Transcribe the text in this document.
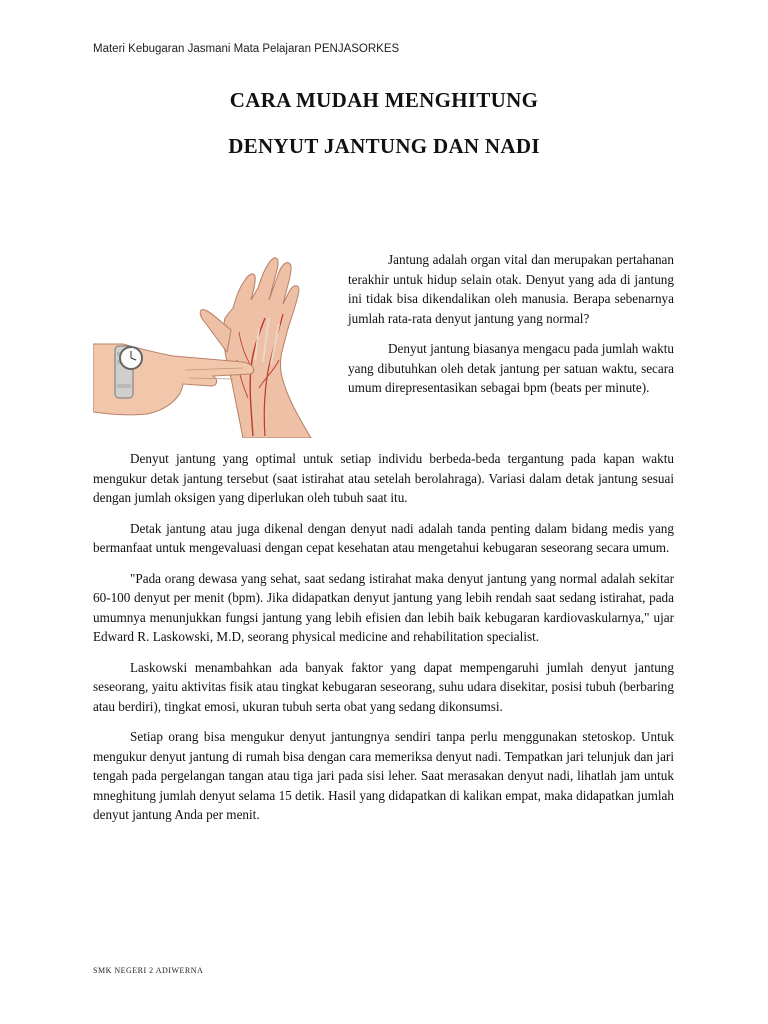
Materi Kebugaran Jasmani Mata Pelajaran PENJASORKES
CARA MUDAH MENGHITUNG
DENYUT JANTUNG DAN NADI

Jantung adalah organ vital dan merupakan pertahanan terakhir untuk hidup selain otak. Denyut yang ada di jantung ini tidak bisa dikendalikan oleh manusia. Berapa sebenarnya jumlah rata-rata denyut jantung yang normal?

Denyut jantung biasanya mengacu pada jumlah waktu yang dibutuhkan oleh detak jantung per satuan waktu, secara umum direpresentasikan sebagai bpm (beats per minute).

Denyut jantung yang optimal untuk setiap individu berbeda-beda tergantung pada kapan waktu mengukur detak jantung tersebut (saat istirahat atau setelah berolahraga). Variasi dalam detak jantung sesuai dengan jumlah oksigen yang diperlukan oleh tubuh saat itu.

Detak jantung atau juga dikenal dengan denyut nadi adalah tanda penting dalam bidang medis yang bermanfaat untuk mengevaluasi dengan cepat kesehatan atau mengetahui kebugaran seseorang secara umum.

"Pada orang dewasa yang sehat, saat sedang istirahat maka denyut jantung yang normal adalah sekitar 60-100 denyut per menit (bpm). Jika didapatkan denyut jantung yang lebih rendah saat sedang istirahat, pada umumnya menunjukkan fungsi jantung yang lebih efisien dan lebih baik kebugaran kardiovaskularnya," ujar Edward R. Laskowski, M.D, seorang physical medicine and rehabilitation specialist.

Laskowski menambahkan ada banyak faktor yang dapat mempengaruhi jumlah denyut jantung seseorang, yaitu aktivitas fisik atau tingkat kebugaran seseorang, suhu udara disekitar, posisi tubuh (berbaring atau berdiri), tingkat emosi, ukuran tubuh serta obat yang sedang dikonsumsi.

Setiap orang bisa mengukur denyut jantungnya sendiri tanpa perlu menggunakan stetoskop. Untuk mengukur denyut jantung di rumah bisa dengan cara memeriksa denyut nadi. Tempatkan jari telunjuk dan jari tengah pada pergelangan tangan atau tiga jari pada sisi leher. Saat merasakan denyut nadi, lihatlah jam untuk mneghitung jumlah denyut selama 15 detik. Hasil yang didapatkan di kalikan empat, maka didapatkan jumlah denyut jantung Anda per menit.

SMK NEGERI 2 ADIWERNA
